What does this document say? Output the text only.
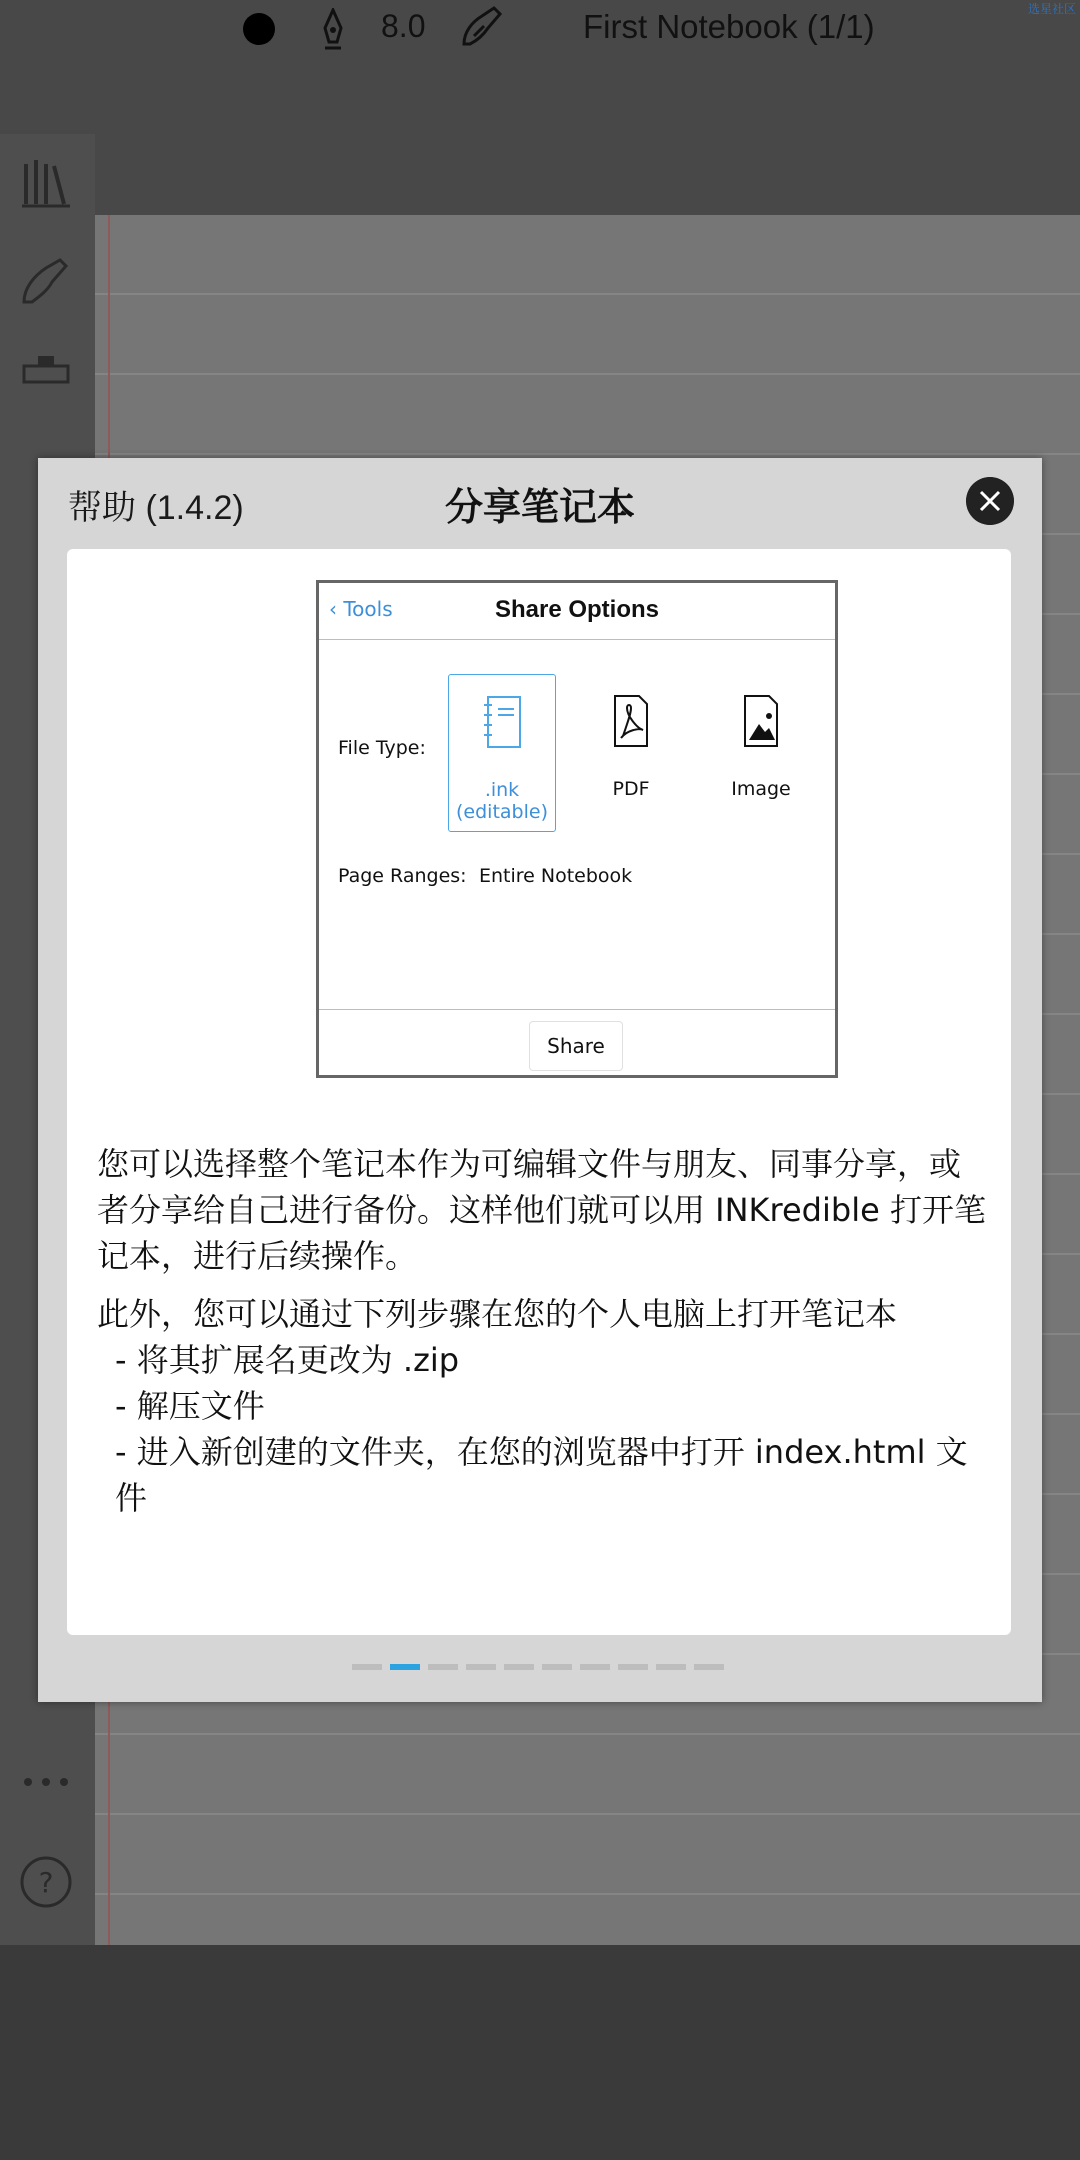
8.0	First Notebook (1/1)	选星社区
?
帮助 (1.4.2)	分享笔记本
‹ Tools	Share Options
File Type:
.ink
(editable)
PDF	Image
Page Ranges: Entire Notebook
Share
您可以选择整个笔记本作为可编辑文件与朋友、同事分享，或者分享给自己进行备份。这样他们就可以用 INKredible 打开笔记本，进行后续操作。
此外，您可以通过下列步骤在您的个人电脑上打开笔记本
- 将其扩展名更改为 .zip
- 解压文件
- 进入新创建的文件夹，在您的浏览器中打开 index.html 文件
